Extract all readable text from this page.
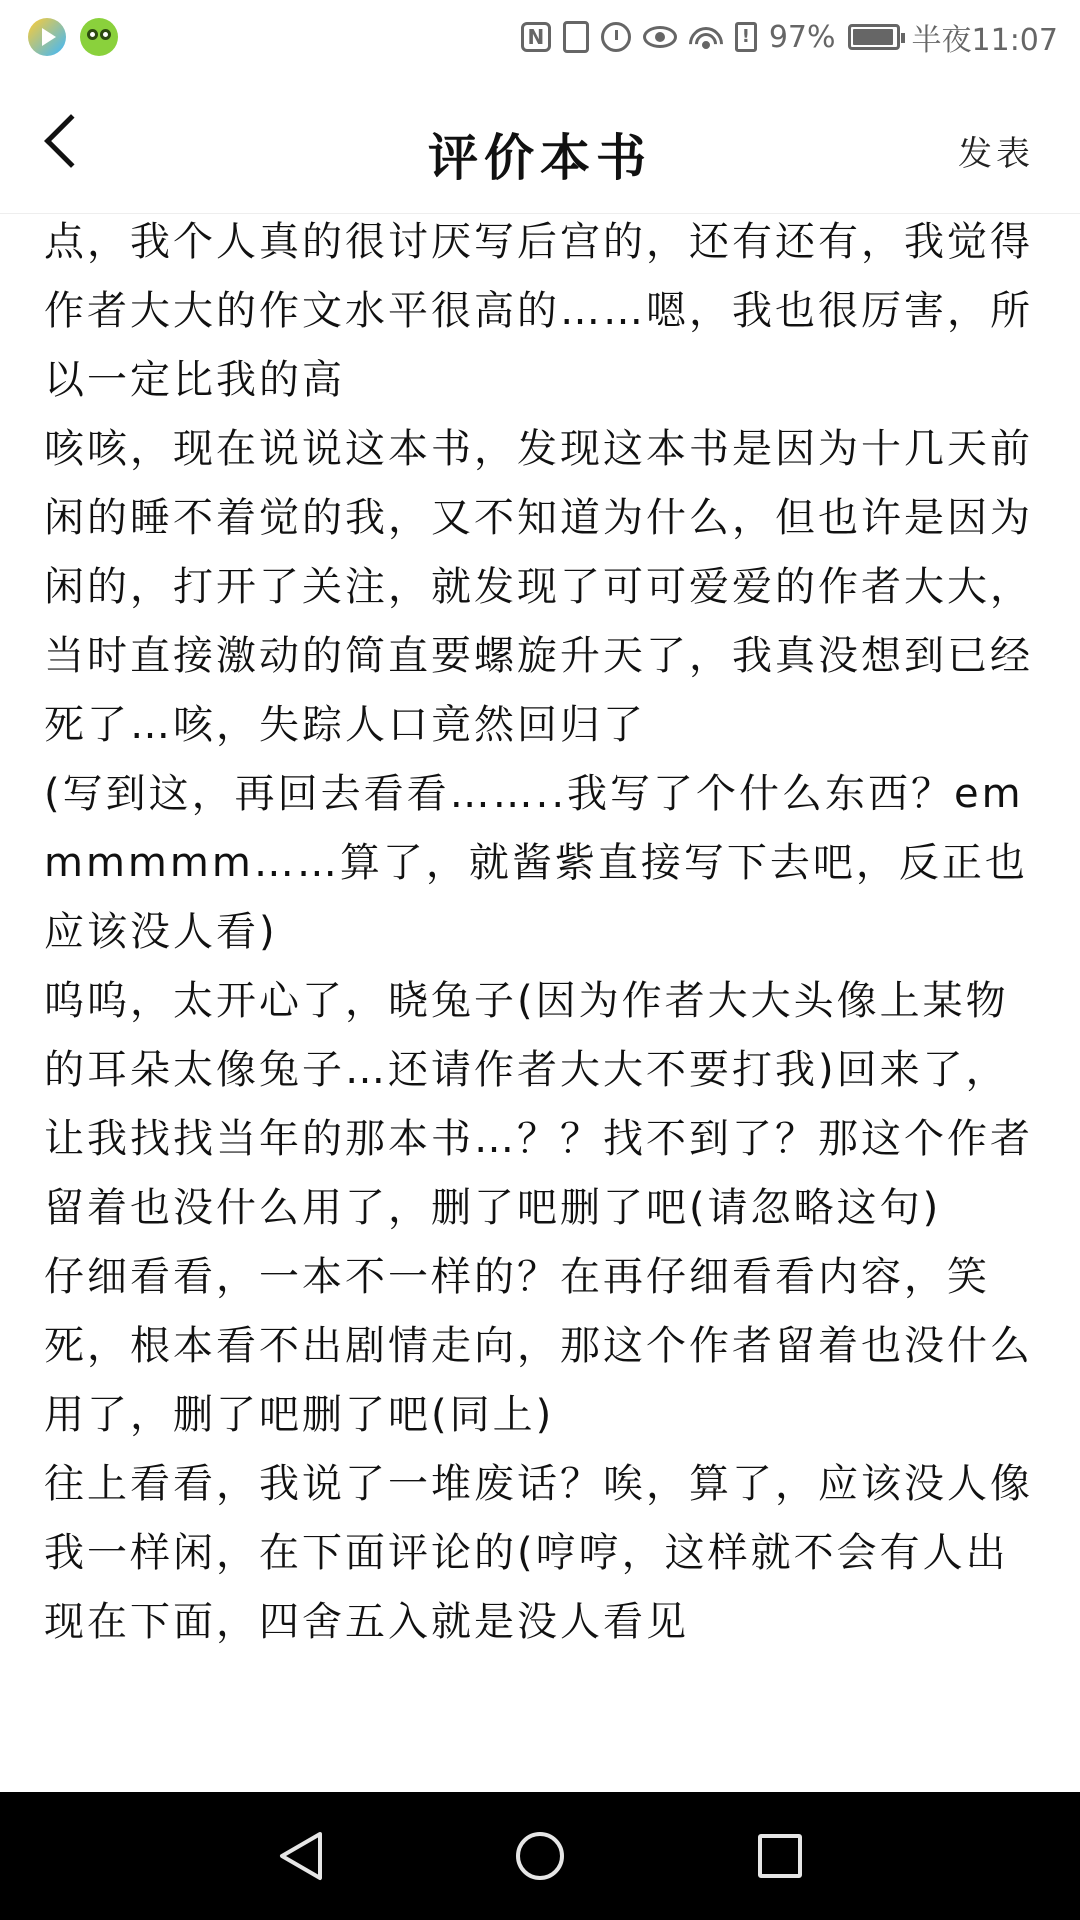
N	! 97%	半夜11:07
评价本书	发表
点，我个人真的很讨厌写后宫的，还有还有，我觉得作者大大的作文水平很高的……嗯，我也很厉害，所以一定比我的高
咳咳，现在说说这本书，发现这本书是因为十几天前闲的睡不着觉的我，又不知道为什么，但也许是因为闲的，打开了关注，就发现了可可爱爱的作者大大，当时直接激动的简直要螺旋升天了，我真没想到已经死了…咳，失踪人口竟然回归了
(写到这，再回去看看……..我写了个什么东西？emmmmmm……算了，就酱紫直接写下去吧，反正也应该没人看)
呜呜，太开心了，晓兔子(因为作者大大头像上某物的耳朵太像兔子…还请作者大大不要打我)回来了，让我找找当年的那本书…？？找不到了？那这个作者留着也没什么用了，删了吧删了吧(请忽略这句)
仔细看看，一本不一样的？在再仔细看看内容，笑死，根本看不出剧情走向，那这个作者留着也没什么用了，删了吧删了吧(同上)
往上看看，我说了一堆废话？唉，算了，应该没人像我一样闲，在下面评论的(哼哼，这样就不会有人出现在下面，四舍五入就是没人看见
